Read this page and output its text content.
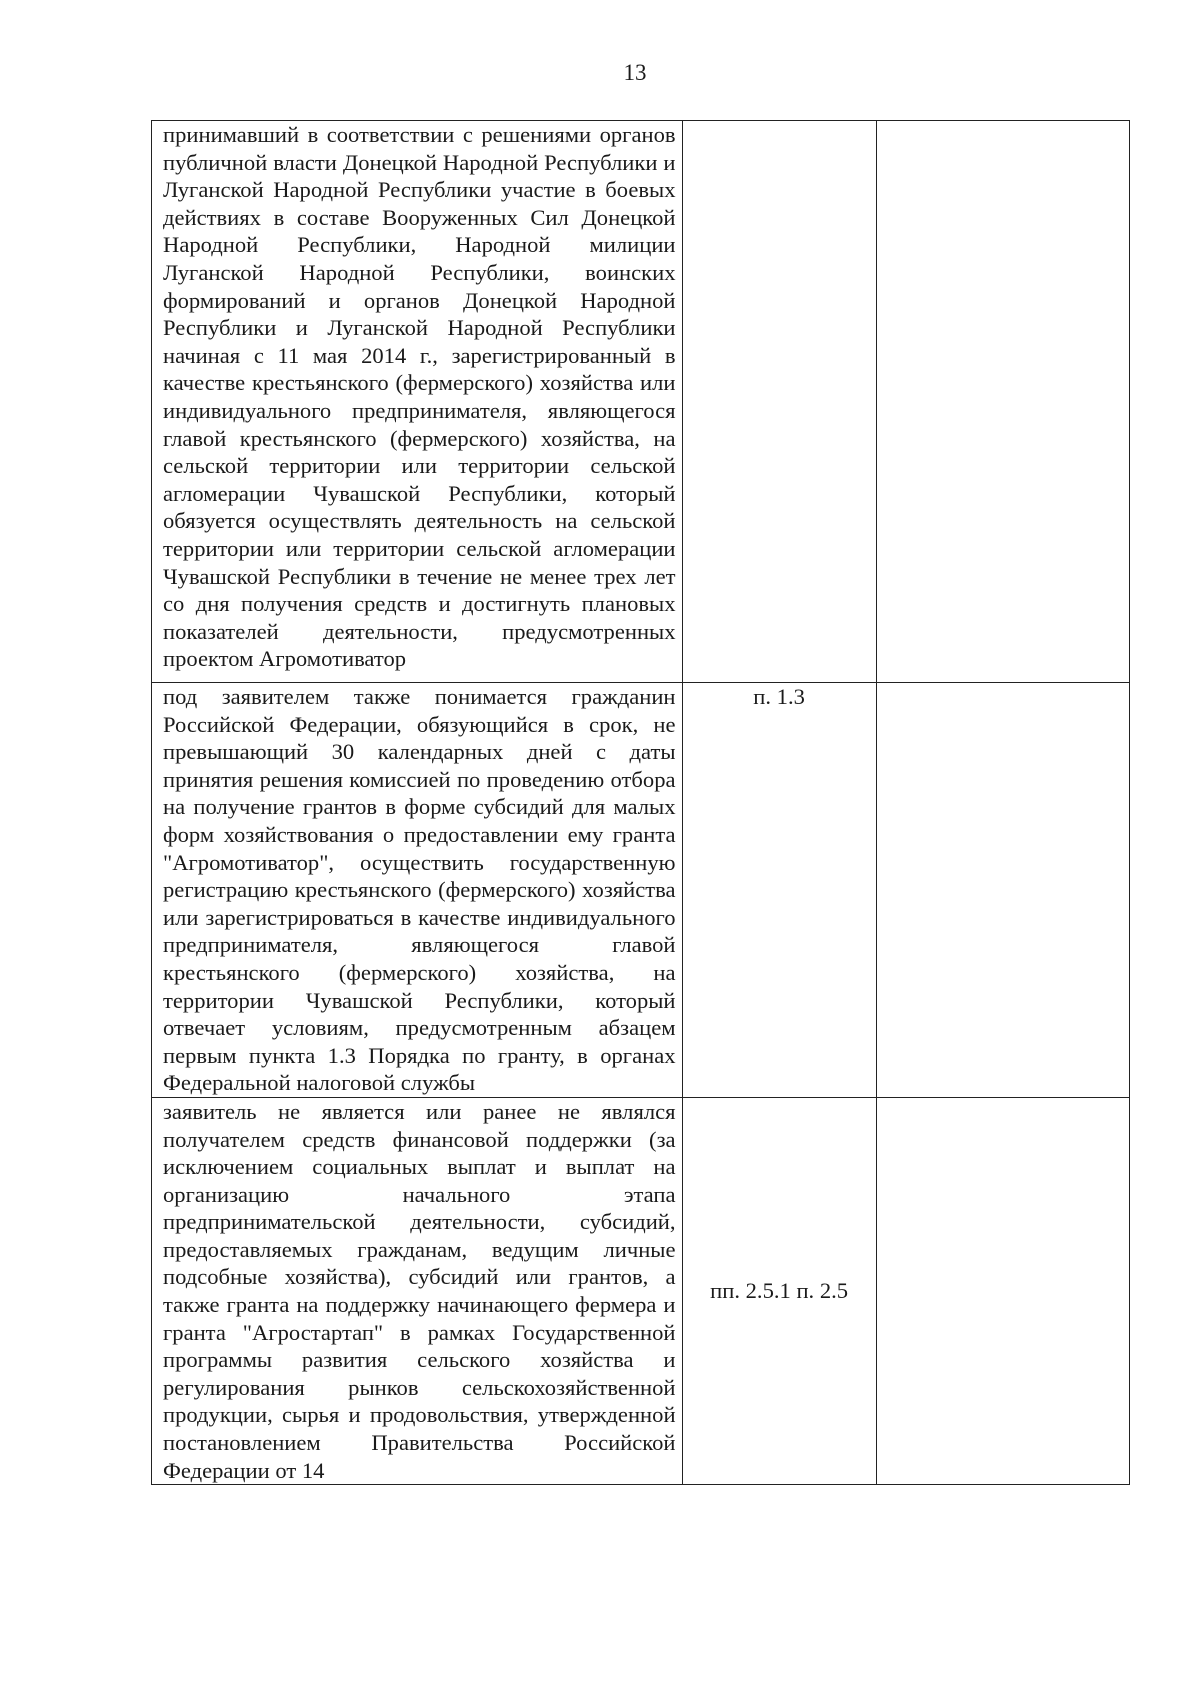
13
принимавший в соответствии с решениями органов публичной власти Донецкой Народной Республики и Луганской Народной Республики участие в боевых действиях в составе Вооруженных Сил Донецкой Народной Республики, Народной милиции Луганской Народной Республики, воинских формирований и органов Донецкой Народной Республики и Луганской Народной Республики начиная с 11 мая 2014 г., зарегистрированный в качестве крестьянского (фермерского) хозяйства или индивидуального предпринимателя, являющегося главой крестьянского (фермерского) хозяйства, на сельской территории или территории сельской агломерации Чувашской Республики, который обязуется осуществлять деятельность на сельской территории или территории сельской агломерации Чувашской Республики в течение не менее трех лет со дня получения средств и достигнуть плановых показателей деятельности, предусмотренных проектом Агромотиватор		

под заявителем также понимается гражданин Российской Федерации, обязующийся в срок, не превышающий 30 календарных дней с даты принятия решения комиссией по проведению отбора на получение грантов в форме субсидий для малых форм хозяйствования о предоставлении ему гранта "Агромотиватор", осуществить государственную регистрацию крестьянского (фермерского) хозяйства или зарегистрироваться в качестве индивидуального предпринимателя, являющегося главой крестьянского (фермерского) хозяйства, на территории Чувашской Республики, который отвечает условиям, предусмотренным абзацем первым пункта 1.3 Порядка по гранту, в органах Федеральной налоговой службы	п. 1.3	

заявитель не является или ранее не являлся получателем средств финансовой поддержки (за исключением социальных выплат и выплат на организацию начального этапа предпринимательской деятельности, субсидий, предоставляемых гражданам, ведущим личные подсобные хозяйства), субсидий или грантов, а также гранта на поддержку начинающего фермера и гранта "Агростартап" в рамках Государственной программы развития сельского хозяйства и регулирования рынков сельскохозяйственной продукции, сырья и продовольствия, утвержденной постановлением Правительства Российской Федерации от 14	пп. 2.5.1 п. 2.5	
